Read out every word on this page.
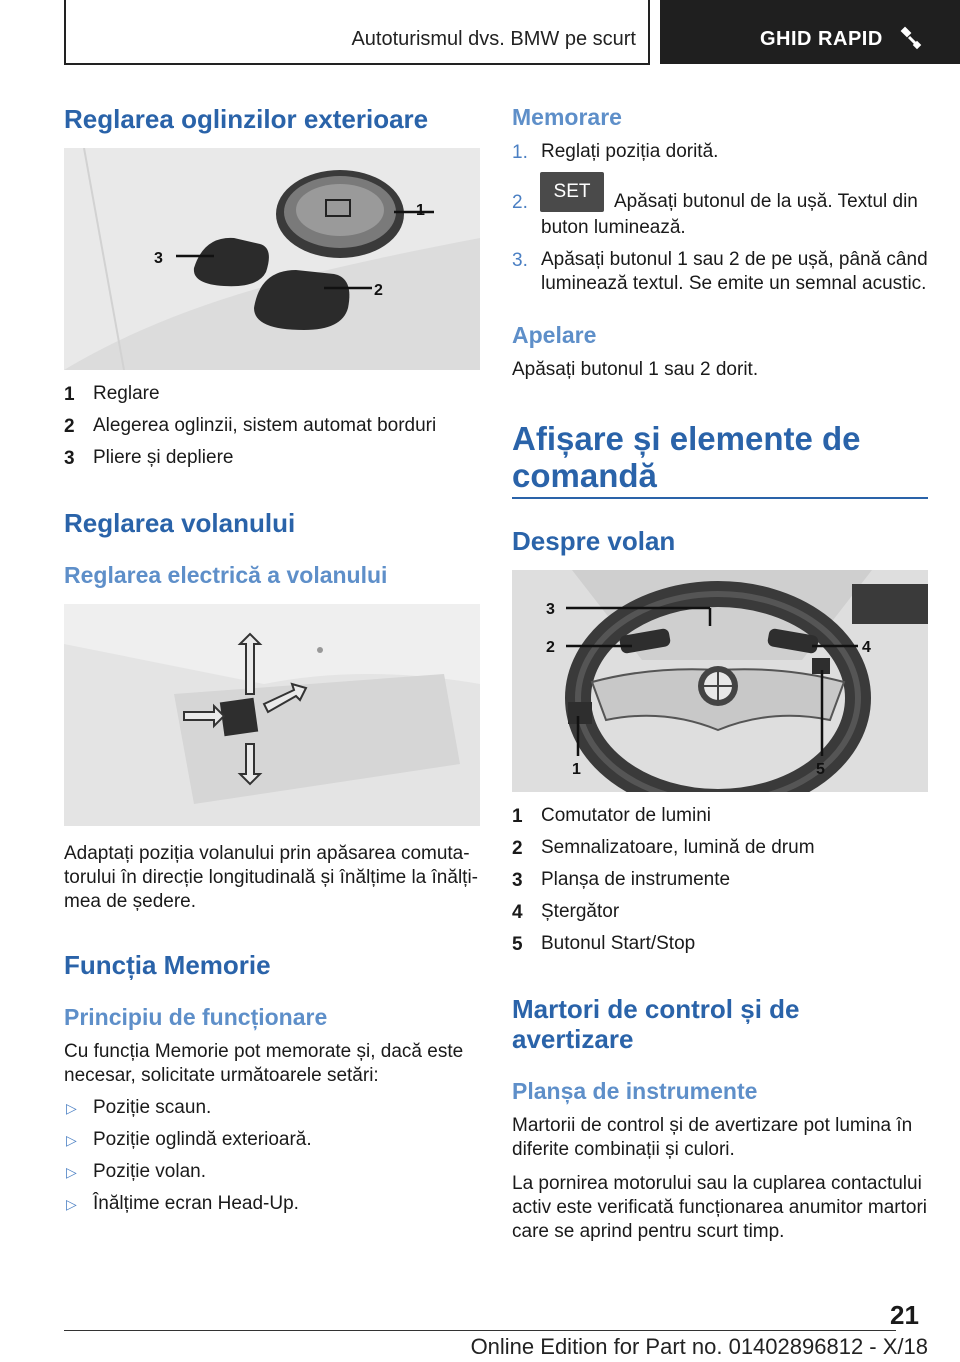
Autoturismul dvs. BMW pe scurt	GHID RAPID
Reglarea oglinzilor exterioare
1
2
3
1 Reglare
2 Alegerea oglinzii, sistem automat borduri
3 Pliere și depliere
Reglarea volanului
Reglarea electrică a volanului
Adaptați poziția volanului prin apăsarea comuta-
torului în direcție longitudinală și înălțime la înălți-
mea de ședere.
Funcția Memorie
Principiu de funcționare
Cu funcția Memorie pot memorate și, dacă este
necesar, solicitate următoarele setări:
▷ Poziție scaun.
▷ Poziție oglindă exterioară.
▷ Poziție volan.
▷ Înălțime ecran Head-Up.
Memorare
1. Reglați poziția dorită.
2.
SET	Apăsați butonul de la ușă. Textul din
buton luminează.
3. Apăsați butonul 1 sau 2 de pe ușă, până când
luminează textul. Se emite un semnal acustic.
Apelare
Apăsați butonul 1 sau 2 dorit.
Afișare și elemente de
comandă
Despre volan
3
2	4
1	5
1 Comutator de lumini
2 Semnalizatoare, lumină de drum
3 Planșa de instrumente
4 Ștergător
5 Butonul Start/Stop
Martori de control și de
avertizare
Planșa de instrumente
Martorii de control și de avertizare pot lumina în
diferite combinații și culori.
La pornirea motorului sau la cuplarea contactului
activ este verificată funcționarea anumitor martori
care se aprind pentru scurt timp.
21
Online Edition for Part no. 01402896812 - X/18
